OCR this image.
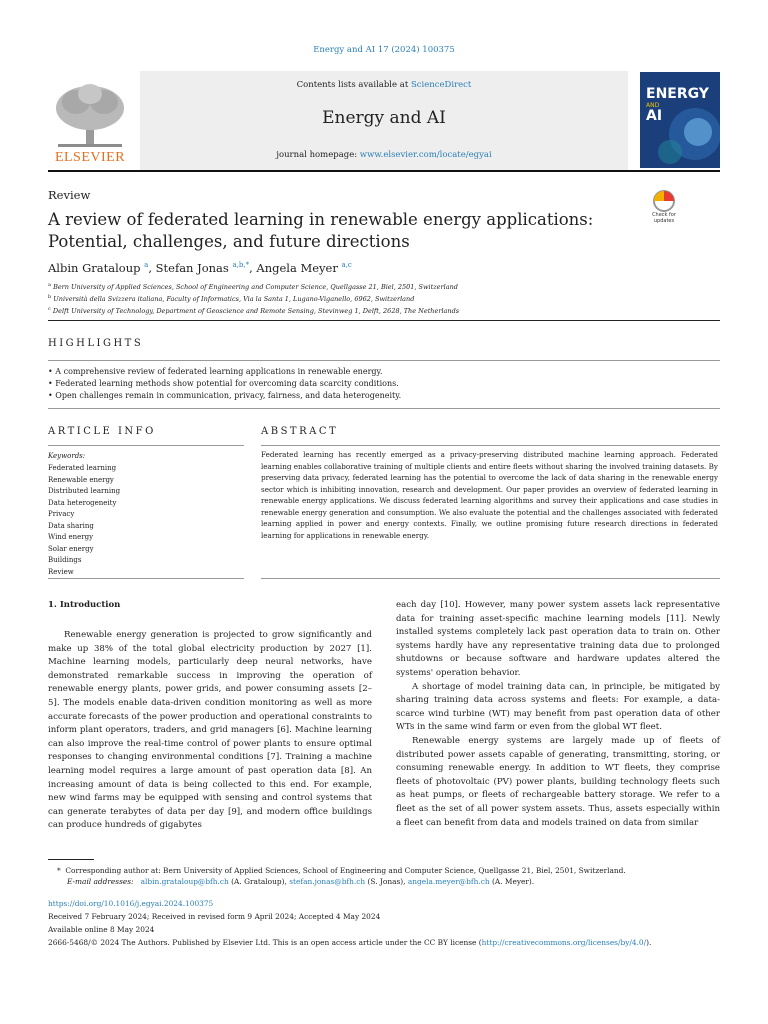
Energy and AI 17 (2024) 100375
ELSEVIER
Contents lists available at ScienceDirect
Energy and AI
journal homepage: www.elsevier.com/locate/egyai
ENERGY
AND
AI
Review
A review of federated learning in renewable energy applications: Potential, challenges, and future directions
Check for updates
Albin Grataloup $^a$, Stefan Jonas $^{a,b,*}$, Angela Meyer $^{a,c}$
$^a$ Bern University of Applied Sciences, School of Engineering and Computer Science, Quellgasse 21, Biel, 2501, Switzerland
$^b$ Università della Svizzera italiana, Faculty of Informatics, Via la Santa 1, Lugano-Viganello, 6962, Switzerland
$^c$ Delft University of Technology, Department of Geoscience and Remote Sensing, Stevinweg 1, Delft, 2628, The Netherlands
HIGHLIGHTS
• A comprehensive review of federated learning applications in renewable energy.
• Federated learning methods show potential for overcoming data scarcity conditions.
• Open challenges remain in communication, privacy, fairness, and data heterogeneity.
ARTICLE INFO
Keywords:
Federated learning
Renewable energy
Distributed learning
Data heterogeneity
Privacy
Data sharing
Wind energy
Solar energy
Buildings
Review
ABSTRACT
Federated learning has recently emerged as a privacy-preserving distributed machine learning approach. Federated learning enables collaborative training of multiple clients and entire fleets without sharing the involved training datasets. By preserving data privacy, federated learning has the potential to overcome the lack of data sharing in the renewable energy sector which is inhibiting innovation, research and development. Our paper provides an overview of federated learning in renewable energy applications. We discuss federated learning algorithms and survey their applications and case studies in renewable energy generation and consumption. We also evaluate the potential and the challenges associated with federated learning applied in power and energy contexts. Finally, we outline promising future research directions in federated learning for applications in renewable energy.
1. Introduction
Renewable energy generation is projected to grow significantly and make up 38% of the total global electricity production by 2027 [1]. Machine learning models, particularly deep neural networks, have demonstrated remarkable success in improving the operation of renewable energy plants, power grids, and power consuming assets [2–5]. The models enable data-driven condition monitoring as well as more accurate forecasts of the power production and operational constraints to inform plant operators, traders, and grid managers [6]. Machine learning can also improve the real-time control of power plants to ensure optimal responses to changing environmental conditions [7]. Training a machine learning model requires a large amount of past operation data [8]. An increasing amount of data is being collected to this end. For example, new wind farms may be equipped with sensing and control systems that can generate terabytes of data per day [9], and modern office buildings can produce hundreds of gigabytes

each day [10]. However, many power system assets lack representative data for training asset-specific machine learning models [11]. Newly installed systems completely lack past operation data to train on. Other systems hardly have any representative training data due to prolonged shutdowns or because software and hardware updates altered the systems' operation behavior.

A shortage of model training data can, in principle, be mitigated by sharing training data across systems and fleets: For example, a data-scarce wind turbine (WT) may benefit from past operation data of other WTs in the same wind farm or even from the global WT fleet.

Renewable energy systems are largely made up of fleets of distributed power assets capable of generating, transmitting, storing, or consuming renewable energy. In addition to WT fleets, they comprise fleets of photovoltaic (PV) power plants, building technology fleets such as heat pumps, or fleets of rechargeable battery storage. We refer to a fleet as the set of all power system assets. Thus, assets especially within a fleet can benefit from data and models trained on data from similar

* Corresponding author at: Bern University of Applied Sciences, School of Engineering and Computer Science, Quellgasse 21, Biel, 2501, Switzerland.
E-mail addresses: albin.grataloup@bfh.ch (A. Grataloup), stefan.jonas@bfh.ch (S. Jonas), angela.meyer@bfh.ch (A. Meyer).
https://doi.org/10.1016/j.egyai.2024.100375
Received 7 February 2024; Received in revised form 9 April 2024; Accepted 4 May 2024
Available online 8 May 2024
2666-5468/© 2024 The Authors. Published by Elsevier Ltd. This is an open access article under the CC BY license (http://creativecommons.org/licenses/by/4.0/).
